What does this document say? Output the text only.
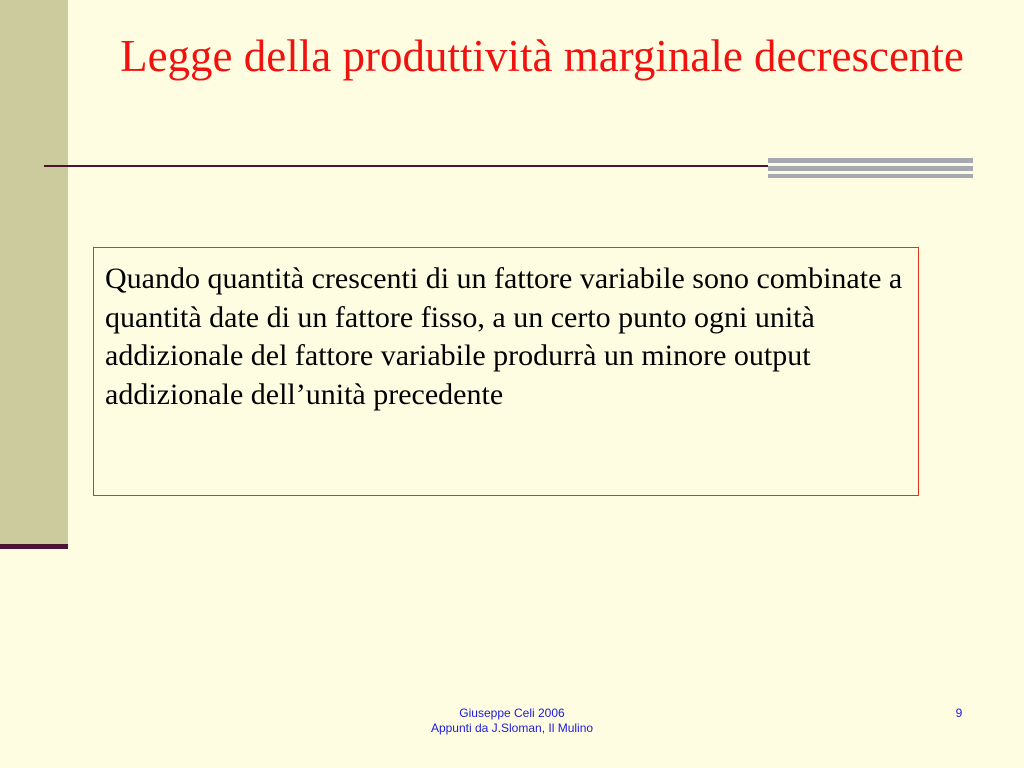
Legge della produttività marginale decrescente

Quando quantità crescenti di un fattore variabile sono combinate a quantità date di un fattore fisso, a un certo punto ogni unità addizionale del fattore variabile produrrà un minore output addizionale dell’unità precedente

Giuseppe Celi 2006
Appunti da J.Sloman, Il Mulino
9
